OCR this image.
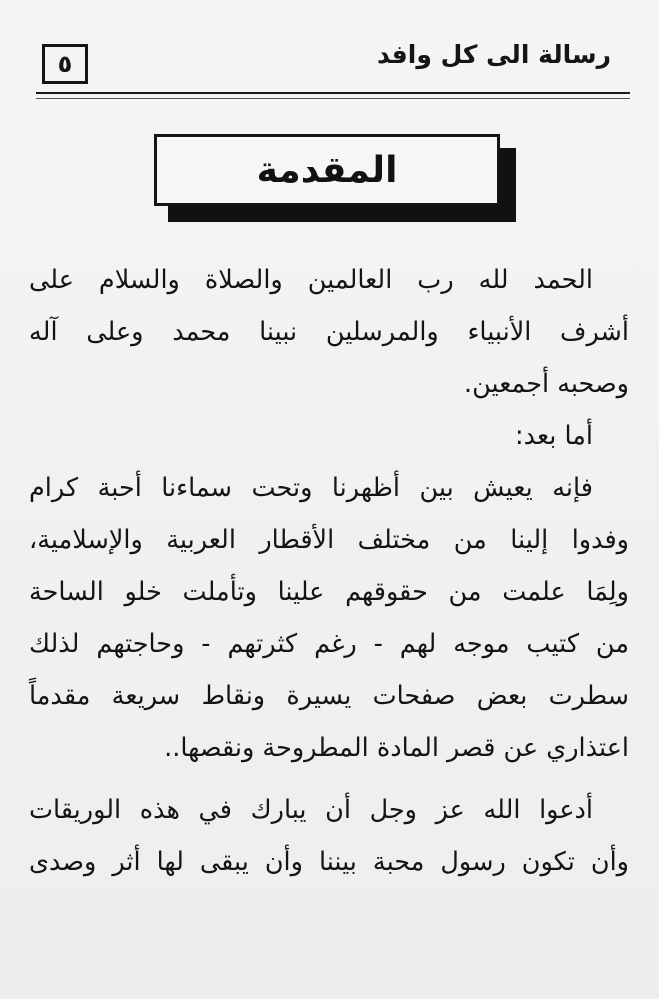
رسالة الى كل وافد
٥
المقدمة
الحمد لله رب العالمين والصلاة والسلام على
أشرف الأنبياء والمرسلين نبينا محمد وعلى آله
وصحبه أجمعين.
أما بعد:
فإنه يعيش بين أظهرنا وتحت سماءنا أحبة كرام
وفدوا إلينا من مختلف الأقطار العربية والإسلامية،
ولِمَا علمت من حقوقهم علينا وتأملت خلو الساحة
من كتيب موجه لهم - رغم كثرتهم - وحاجتهم لذلك
سطرت بعض صفحات يسيرة ونقاط سريعة مقدماً
اعتذاري عن قصر المادة المطروحة ونقصها..
أدعوا الله عز وجل أن يبارك في هذه الوريقات
وأن تكون رسول محبة بيننا وأن يبقى لها أثر وصدى
